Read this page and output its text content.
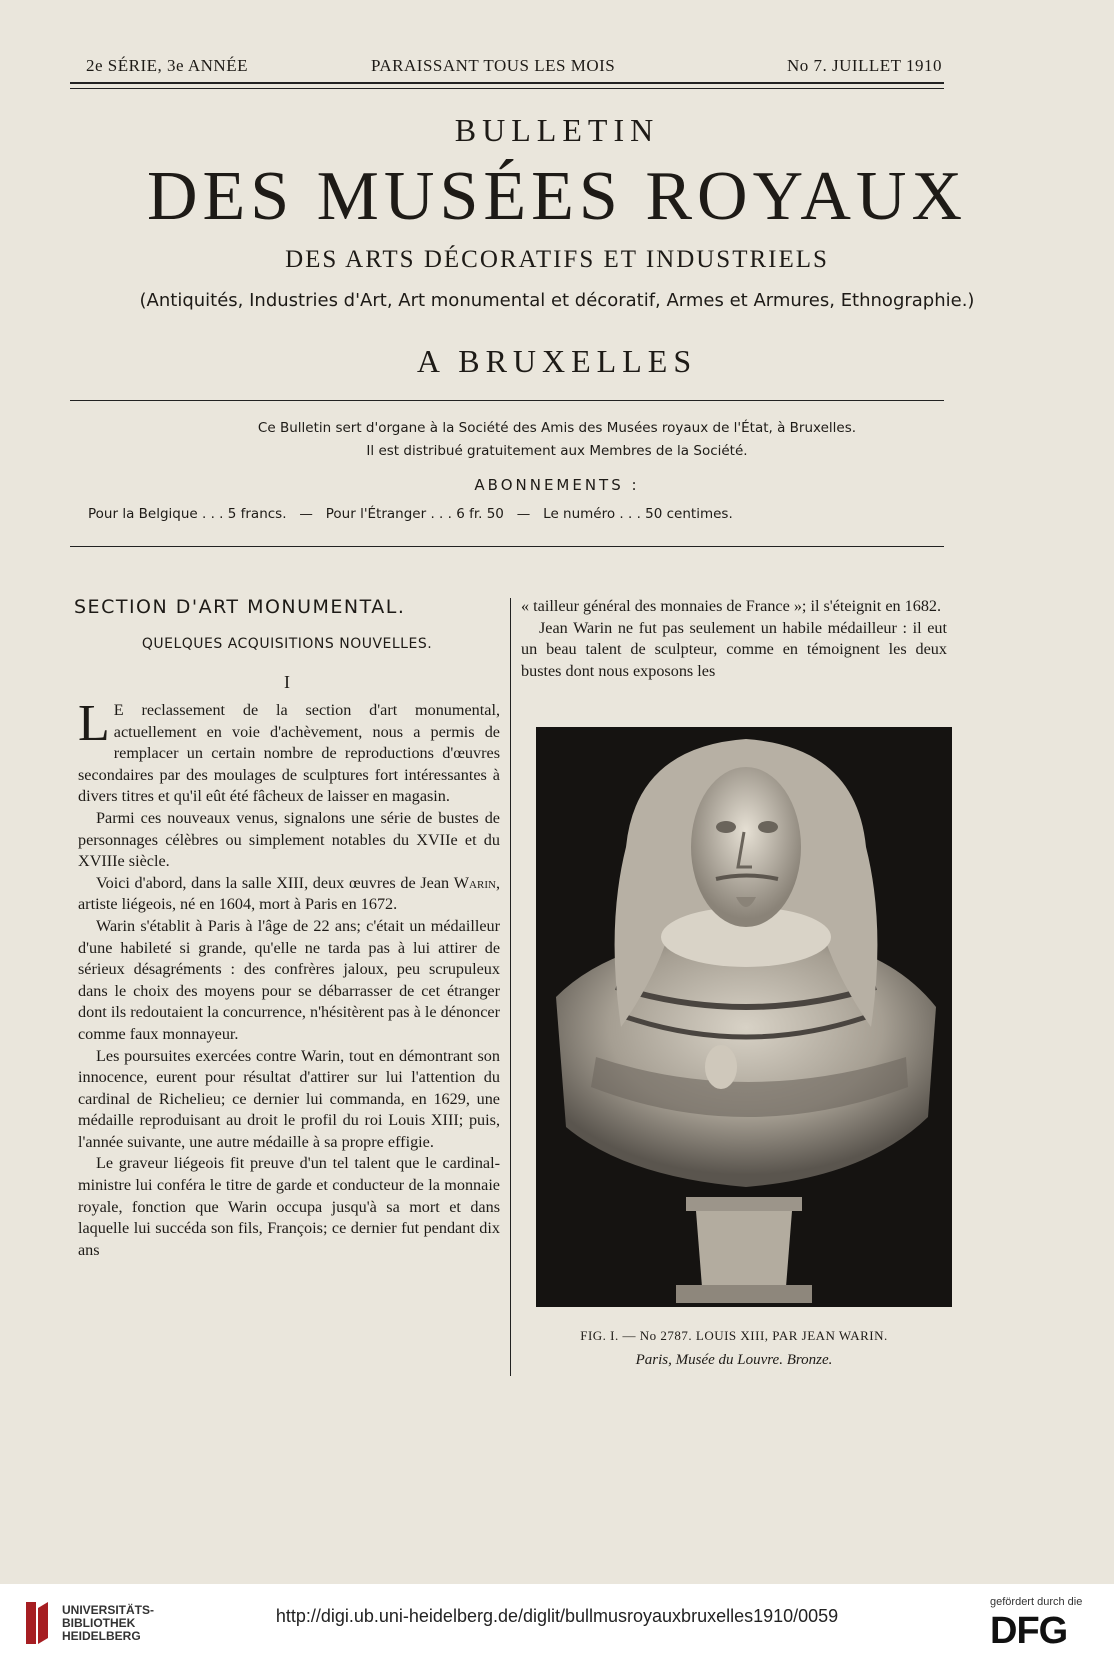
2e SÉRIE, 3e ANNÉE	PARAISSANT TOUS LES MOIS	No 7. JUILLET 1910
BULLETIN
DES MUSÉES ROYAUX
DES ARTS DÉCORATIFS ET INDUSTRIELS
(Antiquités, Industries d'Art, Art monumental et décoratif, Armes et Armures, Ethnographie.)
A BRUXELLES
Ce Bulletin sert d'organe à la Société des Amis des Musées royaux de l'État, à Bruxelles.
Il est distribué gratuitement aux Membres de la Société.
ABONNEMENTS :
Pour la Belgique . . . 5 francs. — Pour l'Étranger . . . 6 fr. 50 — Le numéro . . . 50 centimes.
SECTION D'ART MONUMENTAL.
QUELQUES ACQUISITIONS NOUVELLES.
I

L E reclassement de la section d'art monumental, actuellement en voie d'achèvement, nous a permis de remplacer un certain nombre de reproductions d'œuvres secondaires par des moulages de sculptures fort intéressantes à divers titres et qu'il eût été fâcheux de laisser en magasin.

Parmi ces nouveaux venus, signalons une série de bustes de personnages célèbres ou simplement notables du XVIIe et du XVIIIe siècle.

Voici d'abord, dans la salle XIII, deux œuvres de Jean Warin, artiste liégeois, né en 1604, mort à Paris en 1672.

Warin s'établit à Paris à l'âge de 22 ans; c'était un médailleur d'une habileté si grande, qu'elle ne tarda pas à lui attirer de sérieux désagréments : des confrères jaloux, peu scrupuleux dans le choix des moyens pour se débarrasser de cet étranger dont ils redoutaient la concurrence, n'hésitèrent pas à le dénoncer comme faux monnayeur.

Les poursuites exercées contre Warin, tout en démontrant son innocence, eurent pour résultat d'attirer sur lui l'attention du cardinal de Richelieu; ce dernier lui commanda, en 1629, une médaille reproduisant au droit le profil du roi Louis XIII; puis, l'année suivante, une autre médaille à sa propre effigie.

Le graveur liégeois fit preuve d'un tel talent que le cardinal-ministre lui conféra le titre de garde et conducteur de la monnaie royale, fonction que Warin occupa jusqu'à sa mort et dans laquelle lui succéda son fils, François; ce dernier fut pendant dix ans

« tailleur général des monnaies de France »; il s'éteignit en 1682.

Jean Warin ne fut pas seulement un habile médailleur : il eut un beau talent de sculpteur, comme en témoignent les deux bustes dont nous exposons les

FIG. I. — No 2787. LOUIS XIII, PAR JEAN WARIN.
Paris, Musée du Louvre. Bronze.
UNIVERSITÄTS-
BIBLIOTHEK
HEIDELBERG
http://digi.ub.uni-heidelberg.de/diglit/bullmusroyauxbruxelles1910/0059
gefördert durch die
DFG
